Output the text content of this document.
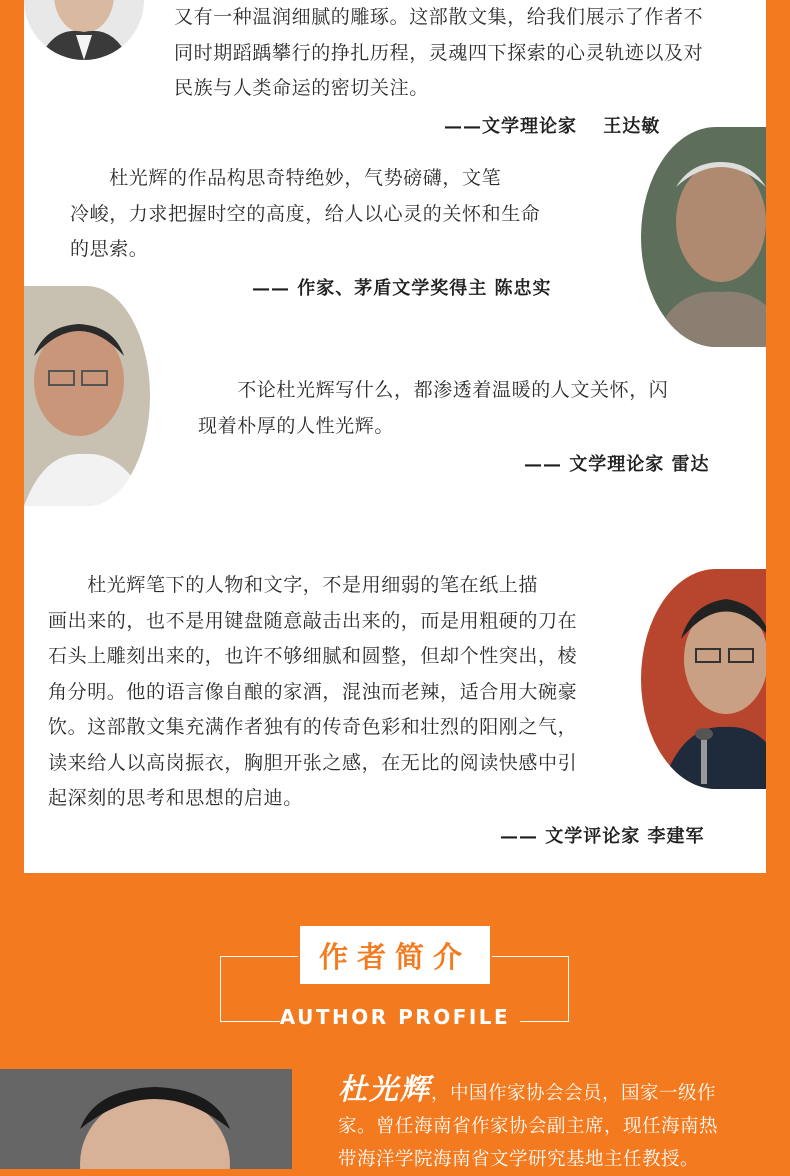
又有一种温润细腻的雕琢。这部散文集，给我们展示了作者不
同时期蹈踽攀行的挣扎历程，灵魂四下探索的心灵轨迹以及对
民族与人类命运的密切关注。
——文学理论家　 王达敏
　　杜光辉的作品构思奇特绝妙，气势磅礴，文笔
冷峻，力求把握时空的高度，给人以心灵的关怀和生命
的思索。
—— 作家、茅盾文学奖得主 陈忠实
　　不论杜光辉写什么，都渗透着温暖的人文关怀，闪
现着朴厚的人性光辉。
—— 文学理论家 雷达
　　杜光辉笔下的人物和文字，不是用细弱的笔在纸上描
画出来的，也不是用键盘随意敲击出来的，而是用粗硬的刀在
石头上雕刻出来的，也许不够细腻和圆整，但却个性突出，棱
角分明。他的语言像自酿的家酒，混浊而老辣，适合用大碗豪
饮。这部散文集充满作者独有的传奇色彩和壮烈的阳刚之气，
读来给人以高岗振衣，胸胆开张之感，在无比的阅读快感中引
起深刻的思考和思想的启迪。
—— 文学评论家 李建军
作者简介
AUTHOR PROFILE
杜光辉，中国作家协会会员，国家一级作
家。曾任海南省作家协会副主席，现任海南热
带海洋学院海南省文学研究基地主任教授。
